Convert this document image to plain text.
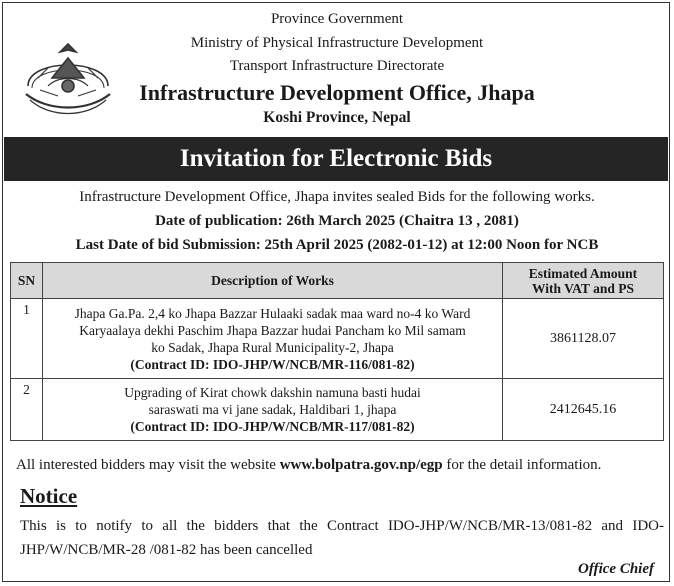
Province Government
Ministry of Physical Infrastructure Development
Transport Infrastructure Directorate
Infrastructure Development Office, Jhapa
Koshi Province, Nepal
Invitation for Electronic Bids
Infrastructure Development Office, Jhapa invites sealed Bids for the following works.
Date of publication: 26th March 2025 (Chaitra 13 , 2081)
Last Date of bid Submission: 25th April 2025 (2082-01-12) at 12:00 Noon for NCB
SN	Description of Works	Estimated Amount
With VAT and PS
1	Jhapa Ga.Pa. 2,4 ko Jhapa Bazzar Hulaaki sadak maa ward no-4 ko Ward
Karyaalaya dekhi Paschim Jhapa Bazzar hudai Pancham ko Mil samam
ko Sadak, Jhapa Rural Municipality-2, Jhapa
(Contract ID: IDO-JHP/W/NCB/MR-116/081-82)	3861128.07
2	Upgrading of Kirat chowk dakshin namuna basti hudai
saraswati ma vi jane sadak, Haldibari 1, jhapa
(Contract ID: IDO-JHP/W/NCB/MR-117/081-82)	2412645.16
All interested bidders may visit the website www.bolpatra.gov.np/egp for the detail information.
Notice
This is to notify to all the bidders that the Contract IDO-JHP/W/NCB/MR-13/081-82 and IDO-JHP/W/NCB/MR-28 /081-82 has been cancelled
Office Chief
